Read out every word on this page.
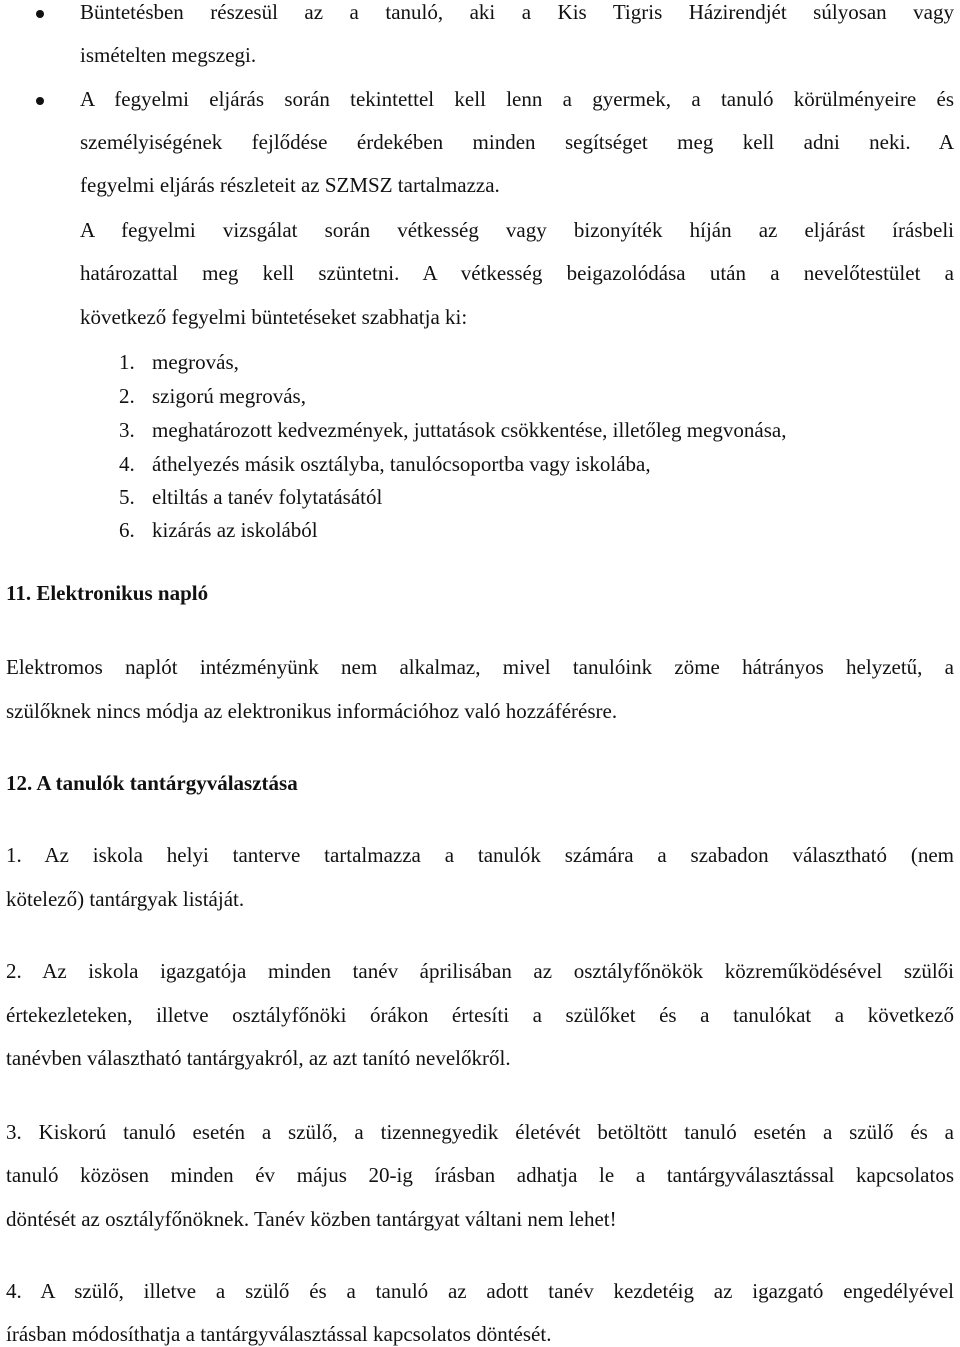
Büntetésben részesül az a tanuló, aki a Kis Tigris Házirendjét súlyosan vagy

ismételten megszegi.

A fegyelmi eljárás során tekintettel kell lenn a gyermek, a tanuló körülményeire és

személyiségének fejlődése érdekében minden segítséget meg kell adni neki. A

fegyelmi eljárás részleteit az SZMSZ tartalmazza.

A fegyelmi vizsgálat során vétkesség vagy bizonyíték híján az eljárást írásbeli

határozattal meg kell szüntetni. A vétkesség beigazolódása után a nevelőtestület a

következő fegyelmi büntetéseket szabhatja ki:

1. megrovás,
2. szigorú megrovás,
3. meghatározott kedvezmények, juttatások csökkentése, illetőleg megvonása,
4. áthelyezés másik osztályba, tanulócsoportba vagy iskolába,
5. eltiltás a tanév folytatásától
6. kizárás az iskolából
11. Elektronikus napló

Elektromos naplót intézményünk nem alkalmaz, mivel tanulóink zöme hátrányos helyzetű, a

szülőknek nincs módja az elektronikus információhoz való hozzáférésre.

12. A tanulók tantárgyválasztása

1. Az iskola helyi tanterve tartalmazza a tanulók számára a szabadon választható (nem

kötelező) tantárgyak listáját.

2. Az iskola igazgatója minden tanév áprilisában az osztályfőnökök közreműködésével szülői

értekezleteken, illetve osztályfőnöki órákon értesíti a szülőket és a tanulókat a következő

tanévben választható tantárgyakról, az azt tanító nevelőkről.

3. Kiskorú tanuló esetén a szülő, a tizennegyedik életévét betöltött tanuló esetén a szülő és a

tanuló közösen minden év május 20-ig írásban adhatja le a tantárgyválasztással kapcsolatos

döntését az osztályfőnöknek. Tanév közben tantárgyat váltani nem lehet!

4. A szülő, illetve a szülő és a tanuló az adott tanév kezdetéig az igazgató engedélyével

írásban módosíthatja a tantárgyválasztással kapcsolatos döntését.
